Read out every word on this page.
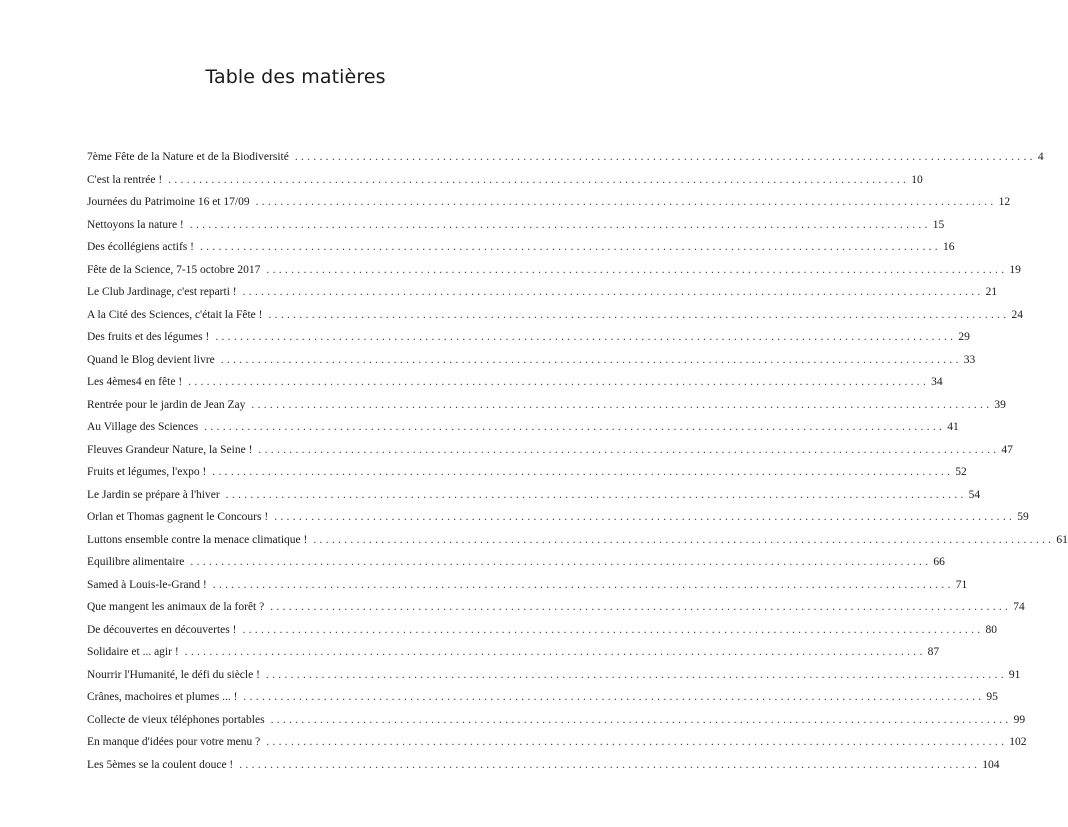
Table des matières
7ème Fête de la Nature et de la Biodiversité ........................................................................................................................ 4
C'est la rentrée ! ........................................................................................................................ 10
Journées du Patrimoine 16 et 17/09 ........................................................................................................................ 12
Nettoyons la nature ! ........................................................................................................................ 15
Des écollégiens actifs ! ........................................................................................................................ 16
Fête de la Science, 7-15 octobre 2017 ........................................................................................................................ 19
Le Club Jardinage, c'est reparti ! ........................................................................................................................ 21
A la Cité des Sciences, c'était la Fête ! ........................................................................................................................ 24
Des fruits et des légumes ! ........................................................................................................................ 29
Quand le Blog devient livre ........................................................................................................................ 33
Les 4èmes4 en fête ! ........................................................................................................................ 34
Rentrée pour le jardin de Jean Zay ........................................................................................................................ 39
Au Village des Sciences ........................................................................................................................ 41
Fleuves Grandeur Nature, la Seine ! ........................................................................................................................ 47
Fruits et légumes, l'expo ! ........................................................................................................................ 52
Le Jardin se prépare à l'hiver ........................................................................................................................ 54
Orlan et Thomas gagnent le Concours ! ........................................................................................................................ 59
Luttons ensemble contre la menace climatique ! ........................................................................................................................ 61
Equilibre alimentaire ........................................................................................................................ 66
Samed à Louis-le-Grand ! ........................................................................................................................ 71
Que mangent les animaux de la forêt ? ........................................................................................................................ 74
De découvertes en découvertes ! ........................................................................................................................ 80
Solidaire et ... agir ! ........................................................................................................................ 87
Nourrir l'Humanité, le défi du siècle ! ........................................................................................................................ 91
Crânes, machoires et plumes ... ! ........................................................................................................................ 95
Collecte de vieux téléphones portables ........................................................................................................................ 99
En manque d'idées pour votre menu ? ........................................................................................................................ 102
Les 5èmes se la coulent douce ! ........................................................................................................................ 104
